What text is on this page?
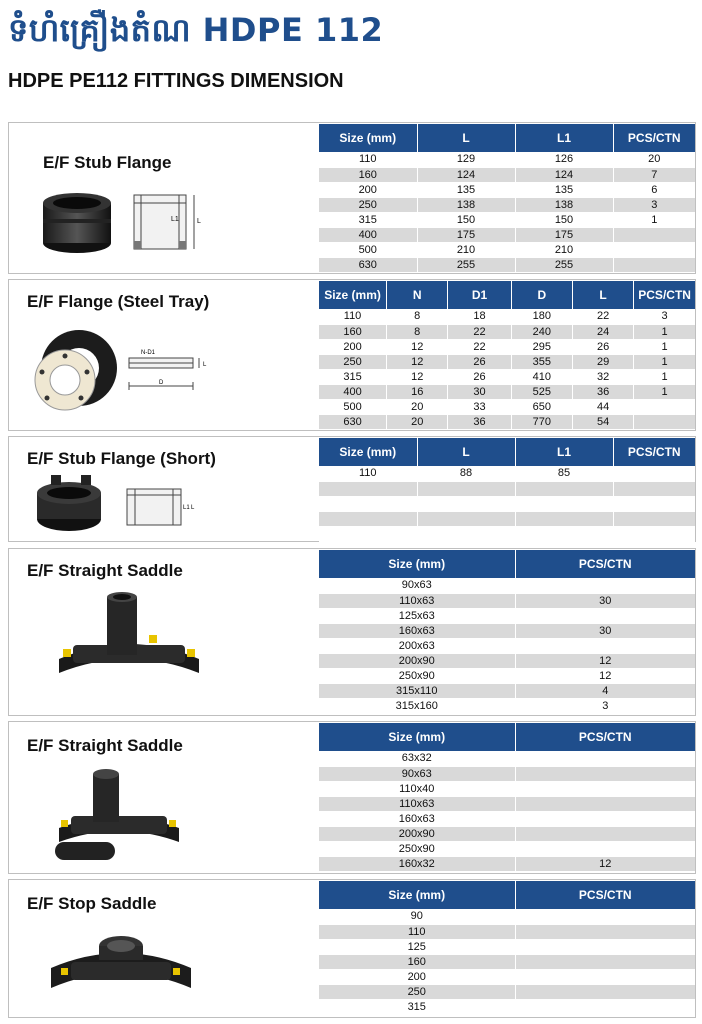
ទំហំគ្រឿងតំណ HDPE 112
HDPE PE112 FITTINGS DIMENSION
E/F Stub Flange
L1	L
Size (mm)	L	L1	PCS/CTN
110	129	126	20
160	124	124	7
200	135	135	6
250	138	138	3
315	150	150	1
400	175	175	
500	210	210	
630	255	255	
E/F Flange (Steel Tray)
N-D1
D
L
Size (mm)	N	D1	D	L	PCS/CTN
110	8	18	180	22	3
160	8	22	240	24	1
200	12	22	295	26	1
250	12	26	355	29	1
315	12	26	410	32	1
400	16	30	525	36	1
500	20	33	650	44	
630	20	36	770	54	
E/F Stub Flange (Short)
L1 L
Size (mm)	L	L1	PCS/CTN
110	88	85	

E/F Straight Saddle	Size (mm)	PCS/CTN
90x63	
110x63	30
125x63	
160x63	30
200x63	
200x90	12
250x90	12
315x110	4
315x160	3
E/F Straight Saddle	Size (mm)	PCS/CTN
63x32	
90x63	
110x40	
110x63	
160x63	
200x90	
250x90	
160x32	12
E/F Stop Saddle	Size (mm)	PCS/CTN
90	
110	
125	
160	
200	
250	
315	
